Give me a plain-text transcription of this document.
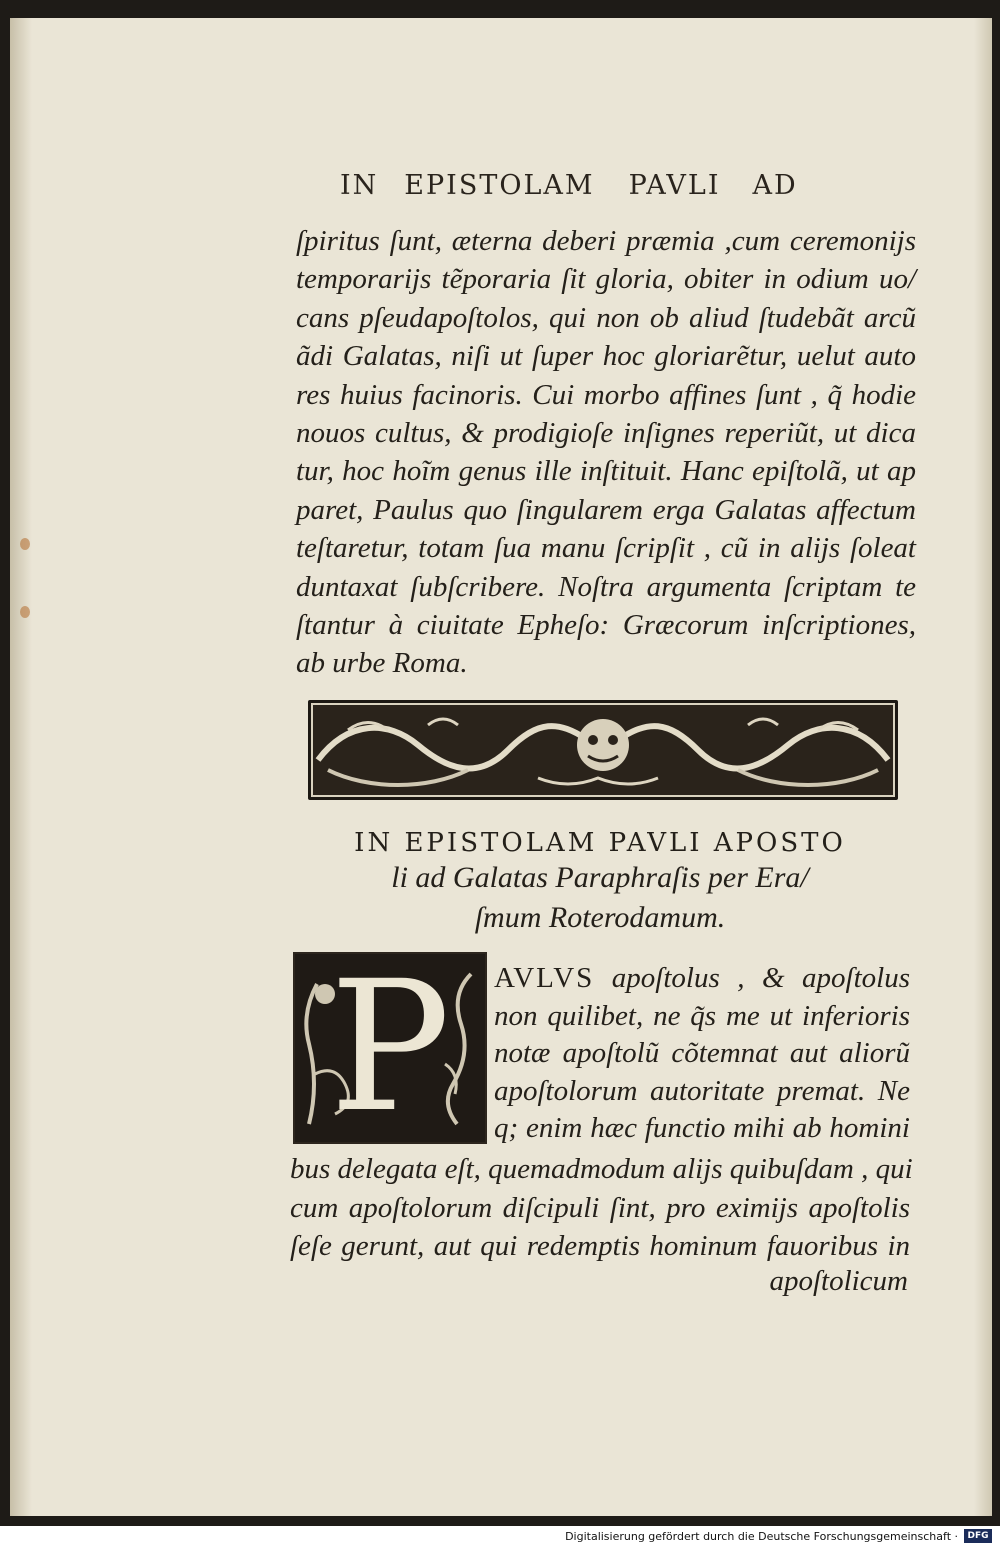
IN EPISTOLAM PAVLI AD
ſpiritus ſunt, æterna deberi præmia ,cum ceremonijs
temporarijs tẽporaria ſit gloria, obiter in odium uo/
cans pſeudapoſtolos, qui non ob aliud ſtudebãt arcũ
ãdi Galatas, niſi ut ſuper hoc gloriarẽtur, uelut auto
res huius facinoris. Cui morbo affines ſunt , q̃ hodie
nouos cultus, & prodigioſe inſignes reperiũt, ut dica
tur, hoc hoĩm genus ille inſtituit. Hanc epiſtolã, ut ap
paret, Paulus quo ſingularem erga Galatas affectum
teſtaretur, totam ſua manu ſcripſit , cũ in alijs ſoleat
duntaxat ſubſcribere. Noſtra argumenta ſcriptam te
ſtantur à ciuitate Epheſo: Græcorum inſcriptiones,
ab urbe Roma.
IN EPISTOLAM PAVLI APOSTO
li ad Galatas Paraphraſis per Era/
ſmum Roterodamum.
P AVLVS apoſtolus , & apoſtolus
non quilibet, ne q̃s me ut inferioris
notæ apoſtolũ cõtemnat aut aliorũ
apoſtolorum autoritate premat. Ne
q; enim hæc functio mihi ab homini
bus delegata eſt, quemadmodum alijs quibuſdam , qui
cum apoſtolorum diſcipuli ſint, pro eximijs apoſtolis
ſeſe gerunt, aut qui redemptis hominum fauoribus in
apoſtolicum
Digitalisierung gefördert durch die Deutsche Forschungsgemeinschaft ·	DFG
